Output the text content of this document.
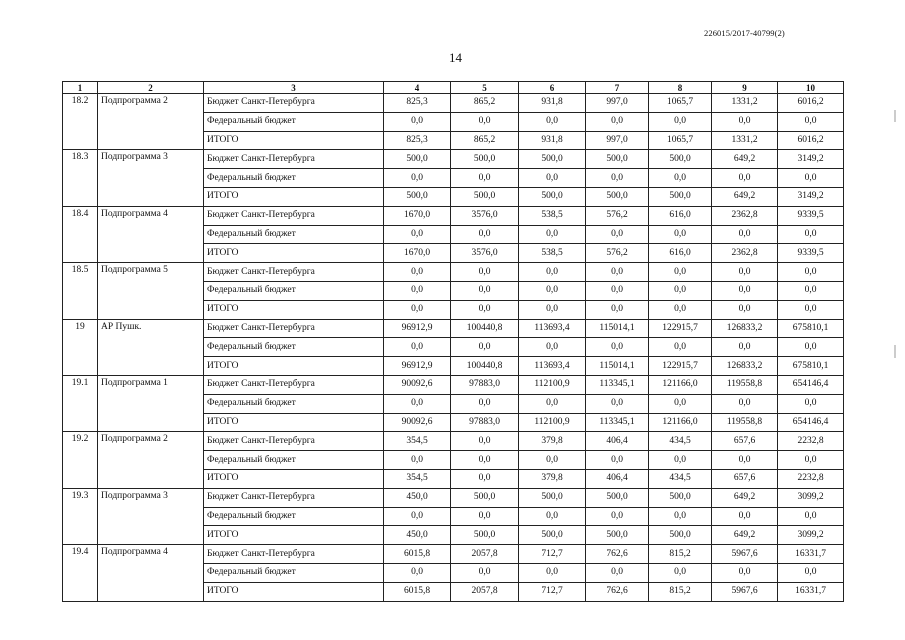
226015/2017-40799(2)
14
1	2	3	4	5	6	7	8	9	10
18.2	Подпрограмма 2	Бюджет Санкт-Петербурга	825,3	865,2	931,8	997,0	1065,7	1331,2	6016,2
		Федеральный бюджет	0,0	0,0	0,0	0,0	0,0	0,0	0,0
		ИТОГО	825,3	865,2	931,8	997,0	1065,7	1331,2	6016,2
18.3	Подпрограмма 3	Бюджет Санкт-Петербурга	500,0	500,0	500,0	500,0	500,0	649,2	3149,2
		Федеральный бюджет	0,0	0,0	0,0	0,0	0,0	0,0	0,0
		ИТОГО	500,0	500,0	500,0	500,0	500,0	649,2	3149,2
18.4	Подпрограмма 4	Бюджет Санкт-Петербурга	1670,0	3576,0	538,5	576,2	616,0	2362,8	9339,5
		Федеральный бюджет	0,0	0,0	0,0	0,0	0,0	0,0	0,0
		ИТОГО	1670,0	3576,0	538,5	576,2	616,0	2362,8	9339,5
18.5	Подпрограмма 5	Бюджет Санкт-Петербурга	0,0	0,0	0,0	0,0	0,0	0,0	0,0
		Федеральный бюджет	0,0	0,0	0,0	0,0	0,0	0,0	0,0
		ИТОГО	0,0	0,0	0,0	0,0	0,0	0,0	0,0
19	АР Пушк.	Бюджет Санкт-Петербурга	96912,9	100440,8	113693,4	115014,1	122915,7	126833,2	675810,1
		Федеральный бюджет	0,0	0,0	0,0	0,0	0,0	0,0	0,0
		ИТОГО	96912,9	100440,8	113693,4	115014,1	122915,7	126833,2	675810,1
19.1	Подпрограмма 1	Бюджет Санкт-Петербурга	90092,6	97883,0	112100,9	113345,1	121166,0	119558,8	654146,4
		Федеральный бюджет	0,0	0,0	0,0	0,0	0,0	0,0	0,0
		ИТОГО	90092,6	97883,0	112100,9	113345,1	121166,0	119558,8	654146,4
19.2	Подпрограмма 2	Бюджет Санкт-Петербурга	354,5	0,0	379,8	406,4	434,5	657,6	2232,8
		Федеральный бюджет	0,0	0,0	0,0	0,0	0,0	0,0	0,0
		ИТОГО	354,5	0,0	379,8	406,4	434,5	657,6	2232,8
19.3	Подпрограмма 3	Бюджет Санкт-Петербурга	450,0	500,0	500,0	500,0	500,0	649,2	3099,2
		Федеральный бюджет	0,0	0,0	0,0	0,0	0,0	0,0	0,0
		ИТОГО	450,0	500,0	500,0	500,0	500,0	649,2	3099,2
19.4	Подпрограмма 4	Бюджет Санкт-Петербурга	6015,8	2057,8	712,7	762,6	815,2	5967,6	16331,7
		Федеральный бюджет	0,0	0,0	0,0	0,0	0,0	0,0	0,0
		ИТОГО	6015,8	2057,8	712,7	762,6	815,2	5967,6	16331,7
